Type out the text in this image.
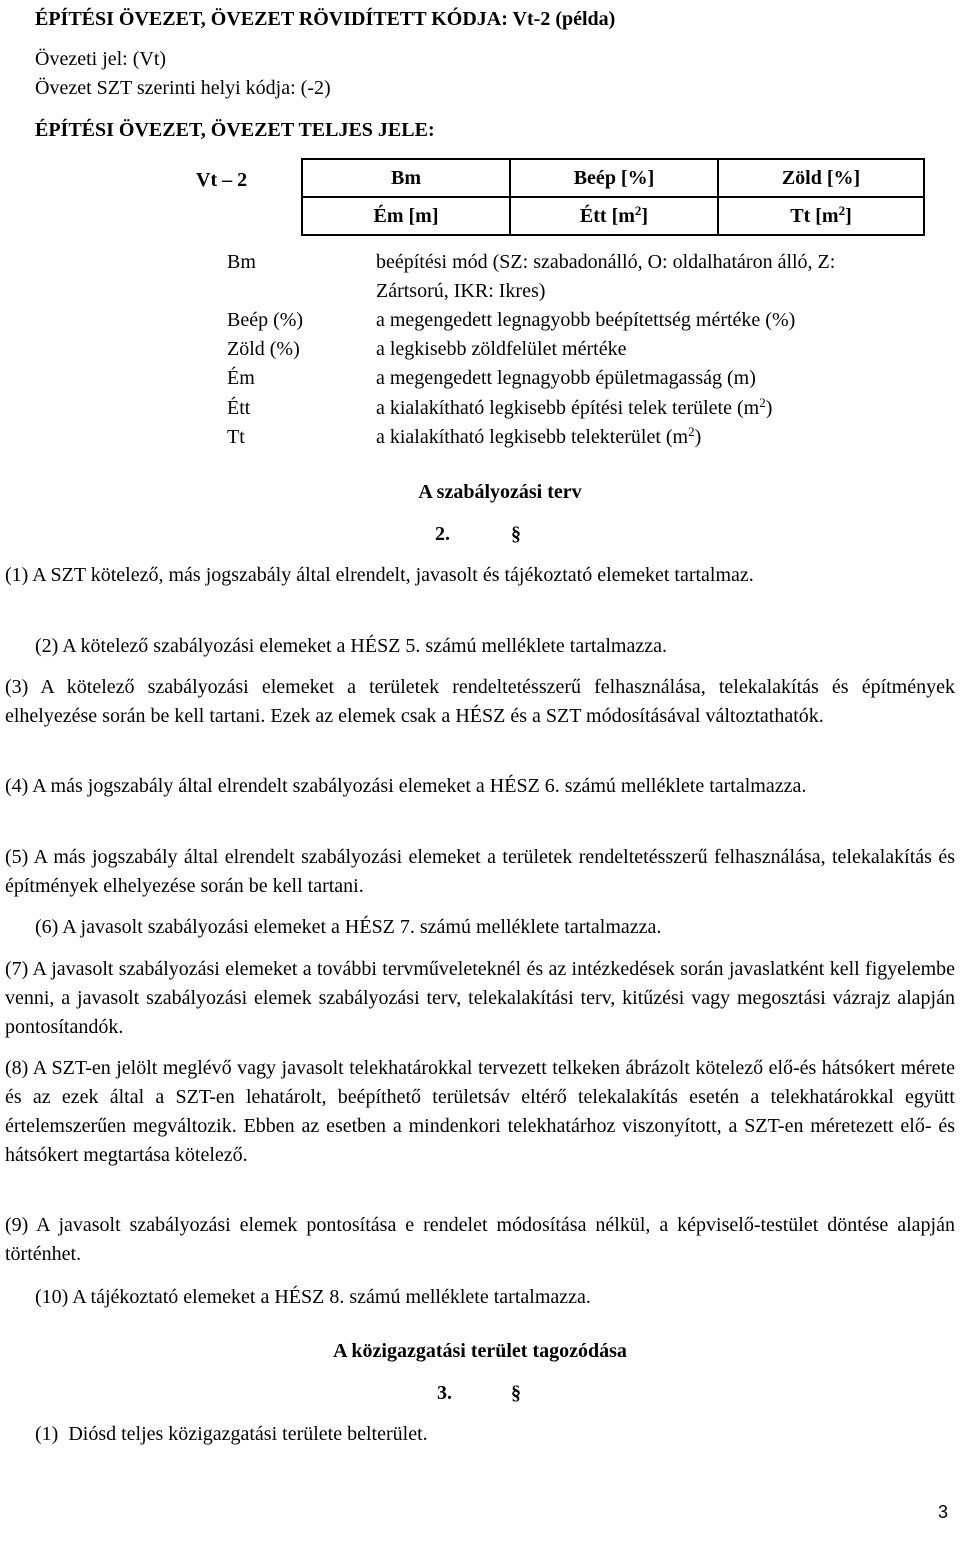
ÉPÍTÉSI ÖVEZET, ÖVEZET RÖVIDÍTETT KÓDJA: Vt-2 (példa)
Övezeti jel: (Vt)
Övezet SZT szerinti helyi kódja: (-2)
ÉPÍTÉSI ÖVEZET, ÖVEZET TELJES JELE:
Vt – 2	Bm	Beép [%]	Zöld [%]
Ém [m]	Étt $[m^2]$	Tt $[m^2]$
Bm	beépítési mód (SZ: szabadonálló, O: oldalhatáron álló, Z:
Zártsorú, IKR: Ikres)
Beép (%)	a megengedett legnagyobb beépítettség mértéke (%)
Zöld (%)	a legkisebb zöldfelület mértéke
Ém	a megengedett legnagyobb épületmagasság (m)
Étt	a kialakítható legkisebb építési telek területe $(m^2)$
Tt	a kialakítható legkisebb telekterület $(m^2)$
A szabályozási terv
2.	§
(1) A SZT kötelező, más jogszabály által elrendelt, javasolt és tájékoztató elemeket tartalmaz.
(2) A kötelező szabályozási elemeket a HÉSZ 5. számú melléklete tartalmazza.
(3) A kötelező szabályozási elemeket a területek rendeltetésszerű felhasználása, telekalakítás és építmények elhelyezése során be kell tartani. Ezek az elemek csak a HÉSZ és a SZT módosításával változtathatók.
(4) A más jogszabály által elrendelt szabályozási elemeket a HÉSZ 6. számú melléklete tartalmazza.
(5) A más jogszabály által elrendelt szabályozási elemeket a területek rendeltetésszerű felhasználása, telekalakítás és építmények elhelyezése során be kell tartani.
(6) A javasolt szabályozási elemeket a HÉSZ 7. számú melléklete tartalmazza.
(7) A javasolt szabályozási elemeket a további tervműveleteknél és az intézkedések során javaslatként kell figyelembe venni, a javasolt szabályozási elemek szabályozási terv, telekalakítási terv, kitűzési vagy megosztási vázrajz alapján pontosítandók.
(8) A SZT-en jelölt meglévő vagy javasolt telekhatárokkal tervezett telkeken ábrázolt kötelező elő-és hátsókert mérete és az ezek által a SZT-en lehatárolt, beépíthető területsáv eltérő telekalakítás esetén a telekhatárokkal együtt értelemszerűen megváltozik. Ebben az esetben a mindenkori telekhatárhoz viszonyított, a SZT-en méretezett elő- és hátsókert megtartása kötelező.
(9) A javasolt szabályozási elemek pontosítása e rendelet módosítása nélkül, a képviselő-testület döntése alapján történhet.
(10) A tájékoztató elemeket a HÉSZ 8. számú melléklete tartalmazza.
A közigazgatási terület tagozódása
3.	§
(1)  Diósd teljes közigazgatási területe belterület.
3
